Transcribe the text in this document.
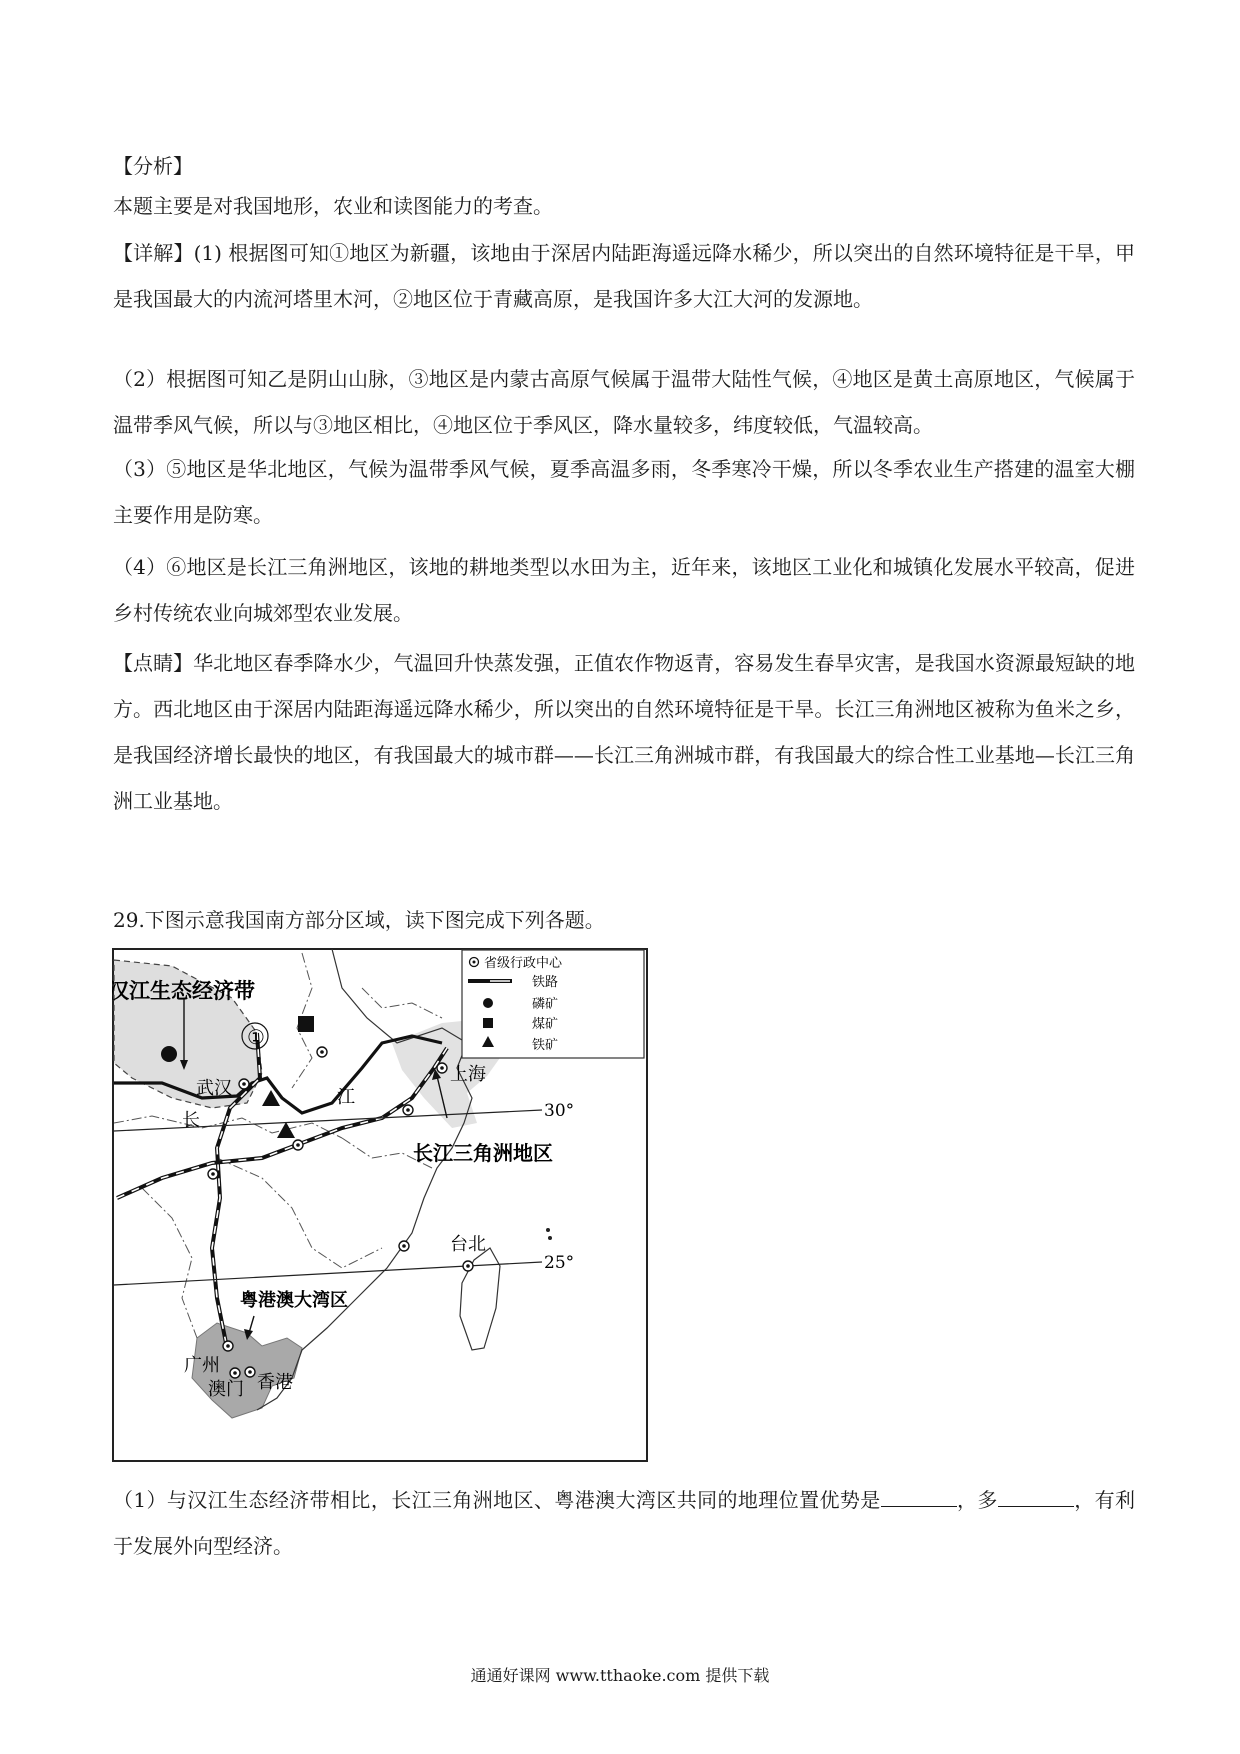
【分析】

本题主要是对我国地形，农业和读图能力的考查。

【详解】(1) 根据图可知①地区为新疆，该地由于深居内陆距海遥远降水稀少，所以突出的自然环境特征是干旱，甲是我国最大的内流河塔里木河，②地区位于青藏高原，是我国许多大江大河的发源地。

（2）根据图可知乙是阴山山脉，③地区是内蒙古高原气候属于温带大陆性气候，④地区是黄土高原地区，气候属于温带季风气候，所以与③地区相比，④地区位于季风区，降水量较多，纬度较低，气温较高。

（3）⑤地区是华北地区，气候为温带季风气候，夏季高温多雨，冬季寒冷干燥，所以冬季农业生产搭建的温室大棚主要作用是防寒。

（4）⑥地区是长江三角洲地区，该地的耕地类型以水田为主，近年来，该地区工业化和城镇化发展水平较高，促进乡村传统农业向城郊型农业发展。

【点睛】华北地区春季降水少，气温回升快蒸发强，正值农作物返青，容易发生春旱灾害，是我国水资源最短缺的地方。西北地区由于深居内陆距海遥远降水稀少，所以突出的自然环境特征是干旱。长江三角洲地区被称为鱼米之乡，是我国经济增长最快的地区，有我国最大的城市群——长江三角洲城市群，有我国最大的综合性工业基地—长江三角洲工业基地。

29.下图示意我国南方部分区域，读下图完成下列各题。

省级行政中心
铁路
磷矿
煤矿
铁矿
汉江生态经济带
①
武汉
上海
长
江
30°
长江三角洲地区
台北
25°
粤港澳大湾区
广州
澳门 香港

（1）与汉江生态经济带相比，长江三角洲地区、粤港澳大湾区共同的地理位置优势是	，多	，有利于发展外向型经济。

通通好课网 www.tthaoke.com 提供下载
